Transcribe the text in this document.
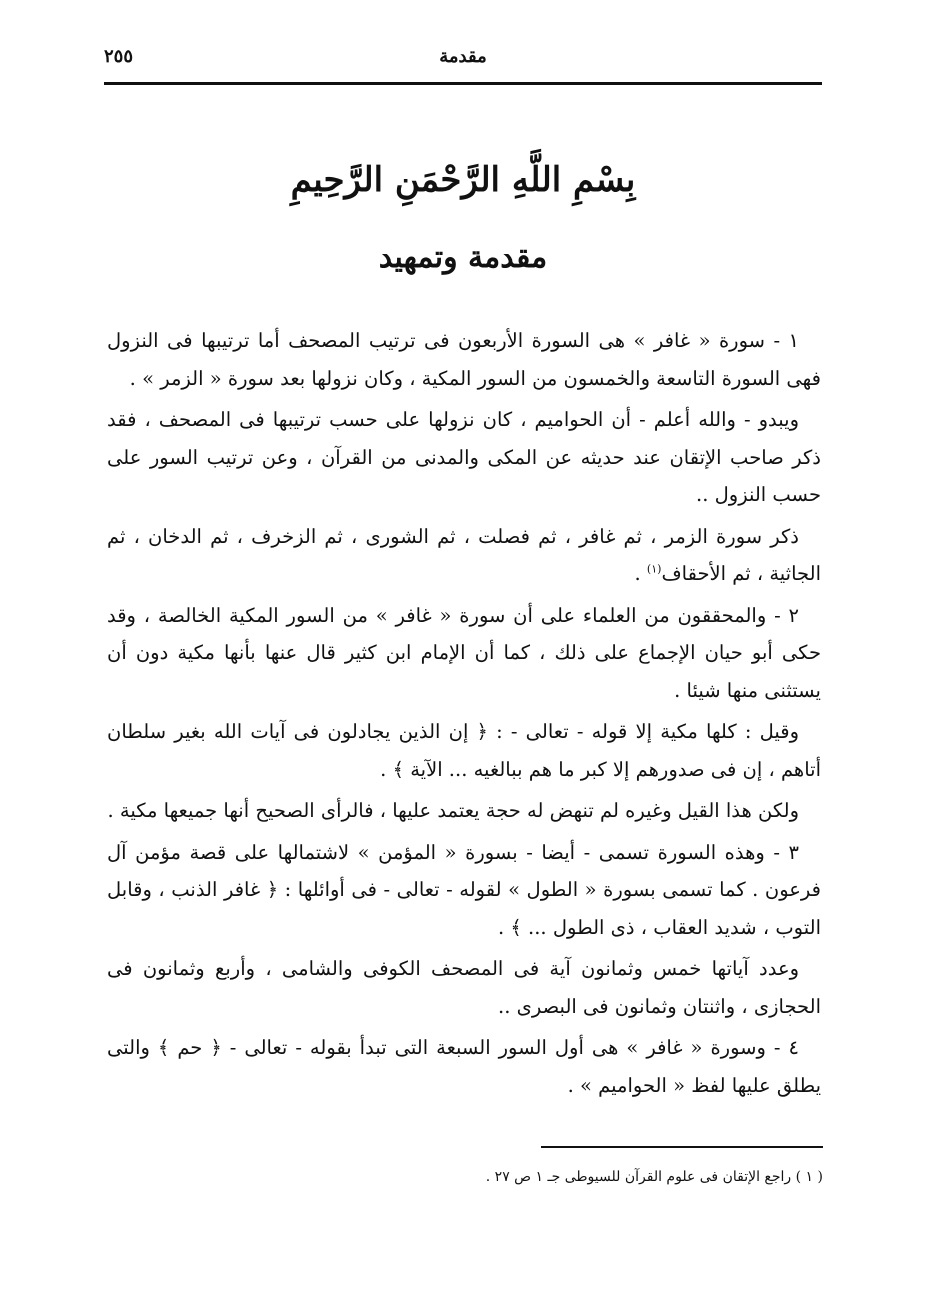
٢٥٥	مقدمة
بِسْمِ اللَّهِ الرَّحْمَنِ الرَّحِيمِ
مقدمة وتمهيد

١ - سورة « غافر » هى السورة الأربعون فى ترتيب المصحف أما ترتيبها فى النزول فهى السورة التاسعة والخمسون من السور المكية ، وكان نزولها بعد سورة « الزمر » .

ويبدو - والله أعلم - أن الحواميم ، كان نزولها على حسب ترتيبها فى المصحف ، فقد ذكر صاحب الإتقان عند حديثه عن المكى والمدنى من القرآن ، وعن ترتيب السور على حسب النزول ..

ذكر سورة الزمر ، ثم غافر ، ثم فصلت ، ثم الشورى ، ثم الزخرف ، ثم الدخان ، ثم الجاثية ، ثم الأحقاف$^{(١)}$ .

٢ - والمحققون من العلماء على أن سورة « غافر » من السور المكية الخالصة ، وقد حكى أبو حيان الإجماع على ذلك ، كما أن الإمام ابن كثير قال عنها بأنها مكية دون أن يستثنى منها شيئا .

وقيل : كلها مكية إلا قوله - تعالى - : ﴿ إن الذين يجادلون فى آيات الله بغير سلطان أتاهم ، إن فى صدورهم إلا كبر ما هم ببالغيه ... الآية ﴾ .

ولكن هذا القيل وغيره لم تنهض له حجة يعتمد عليها ، فالرأى الصحيح أنها جميعها مكية .

٣ - وهذه السورة تسمى - أيضا - بسورة « المؤمن » لاشتمالها على قصة مؤمن آل فرعون . كما تسمى بسورة « الطول » لقوله - تعالى - فى أوائلها : ﴿ غافر الذنب ، وقابل التوب ، شديد العقاب ، ذى الطول ... ﴾ .

وعدد آياتها خمس وثمانون آية فى المصحف الكوفى والشامى ، وأربع وثمانون فى الحجازى ، واثنتان وثمانون فى البصرى ..

٤ - وسورة « غافر » هى أول السور السبعة التى تبدأ بقوله - تعالى - ﴿ حم ﴾ والتى يطلق عليها لفظ « الحواميم » .

( ١ ) راجع الإتقان فى علوم القرآن للسيوطى جـ ١ ص ٢٧ .
